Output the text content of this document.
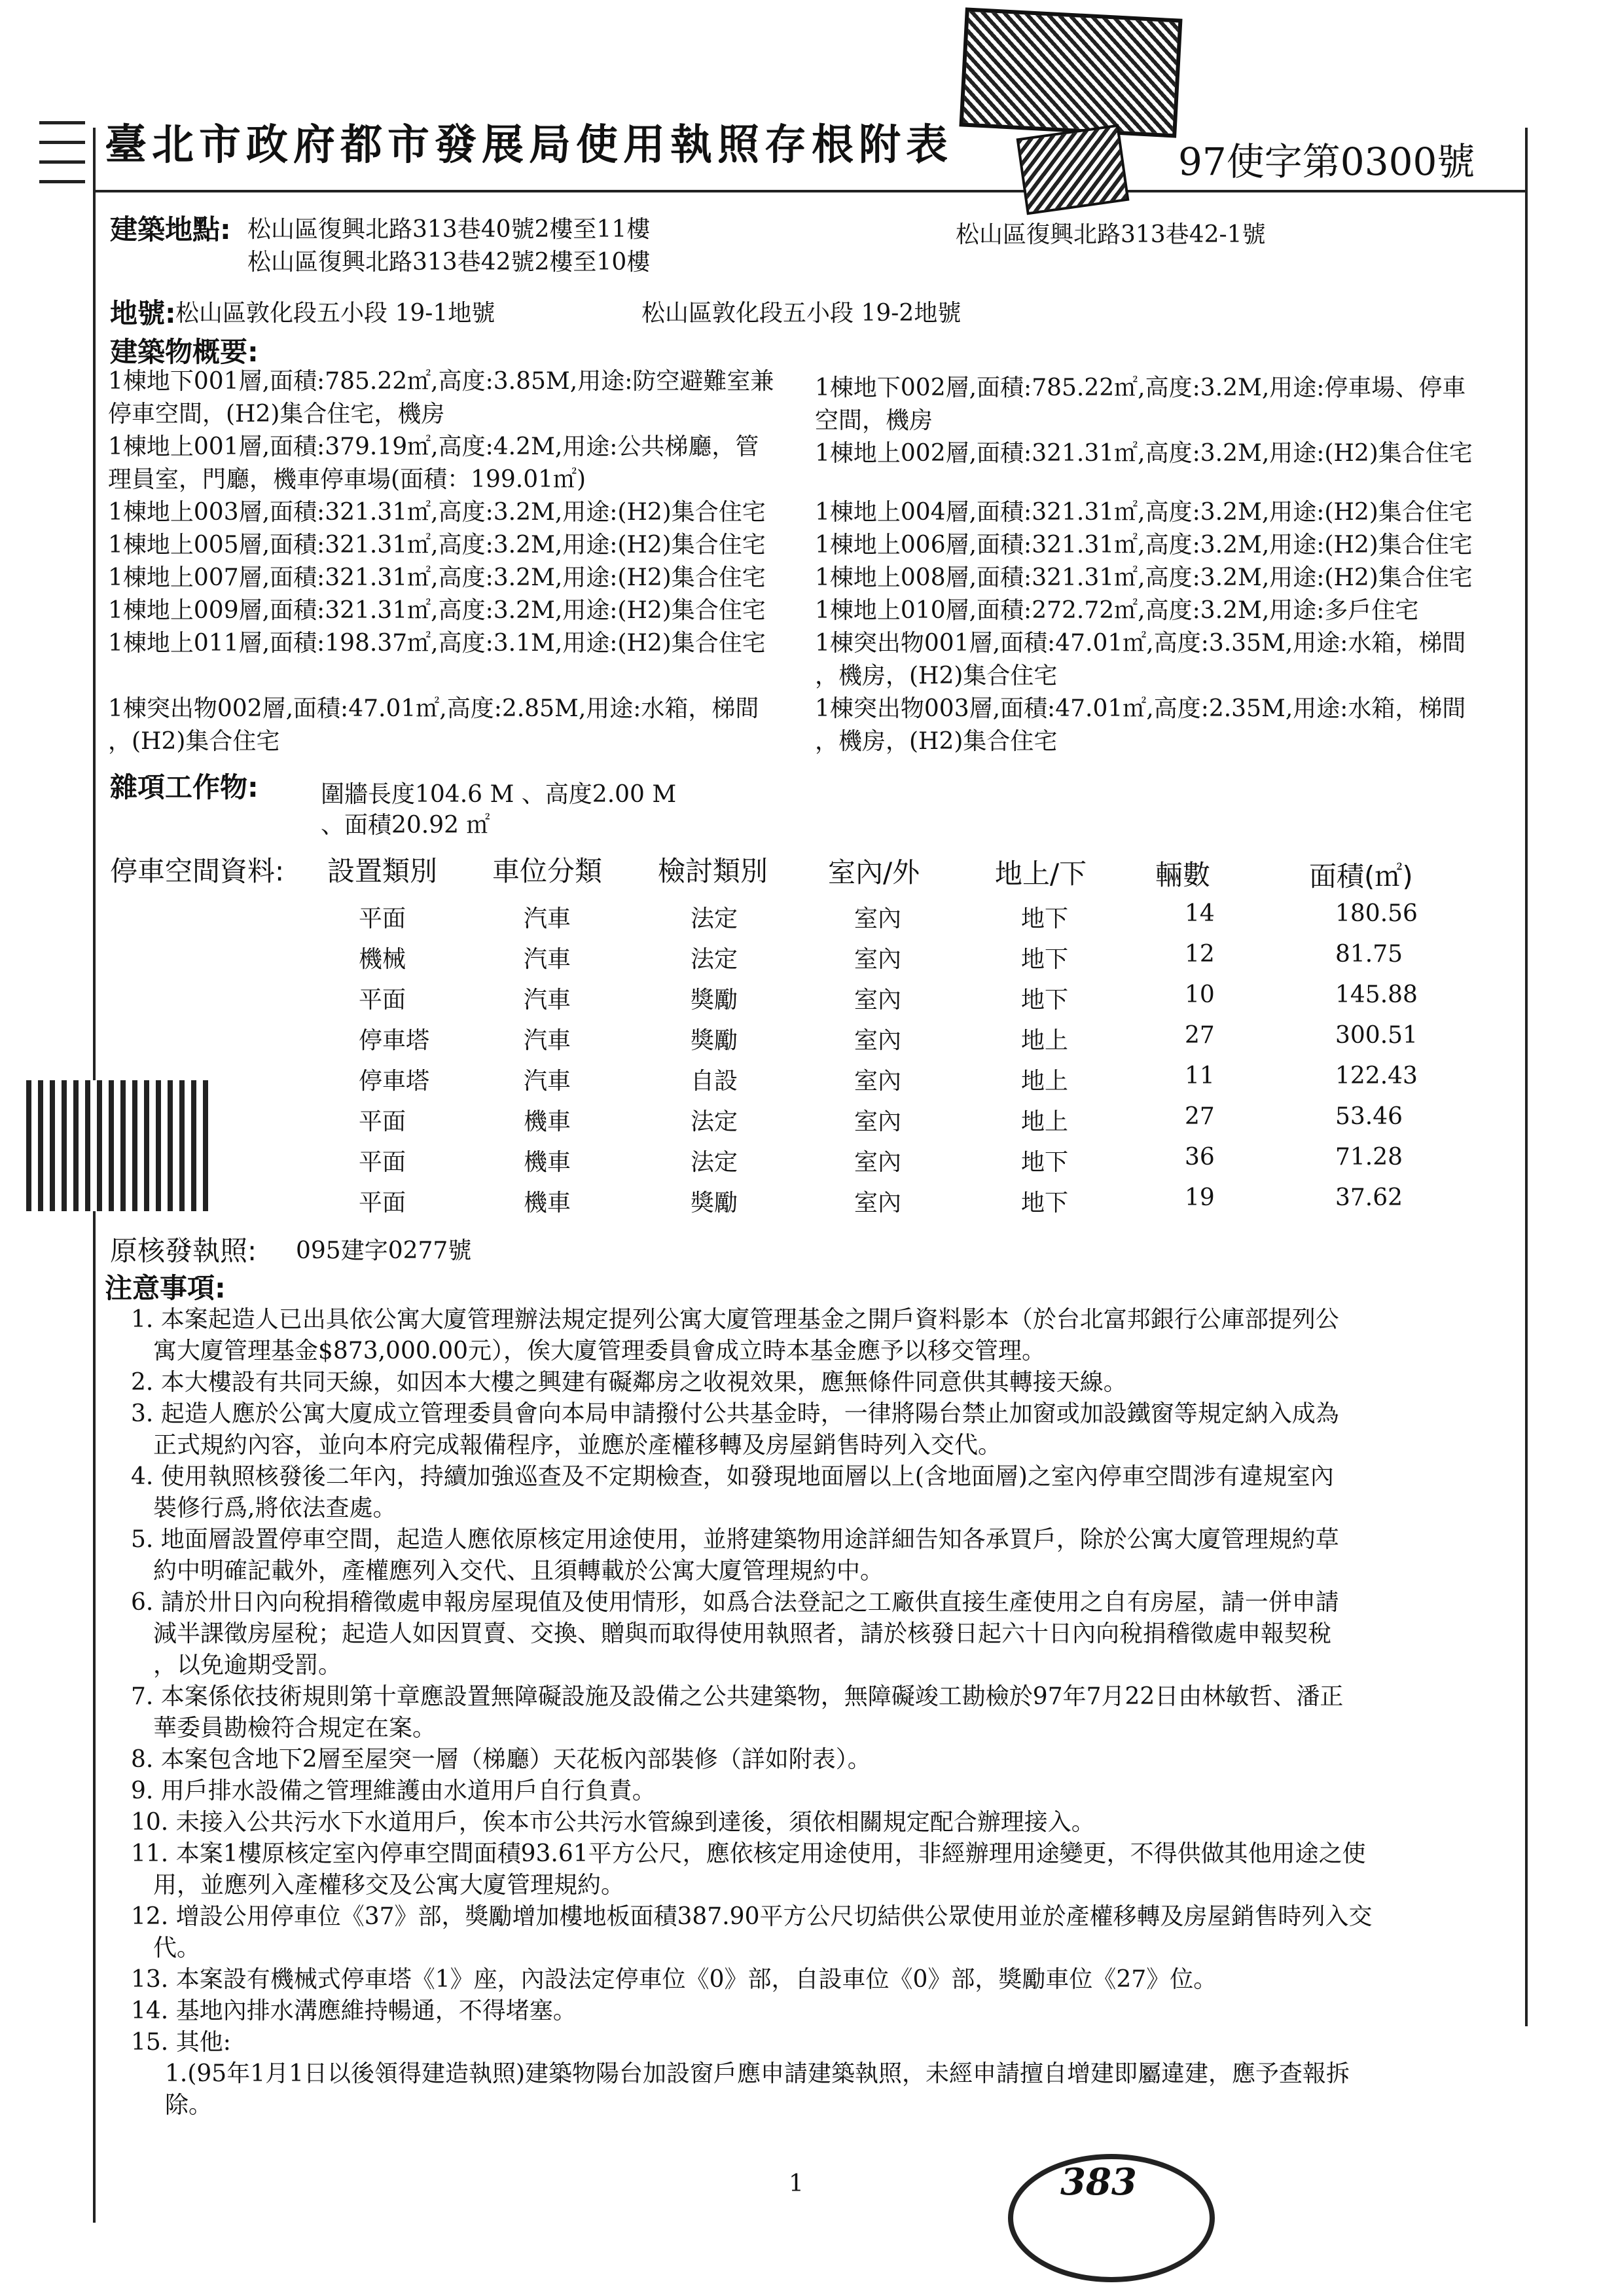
臺北市政府都市發展局使用執照存根附表	97使字第0300號
建築地點: 松山區復興北路313巷40號2樓至11樓	松山區復興北路313巷42-1號
松山區復興北路313巷42號2樓至10樓
地號: 松山區敦化段五小段 19-1地號	松山區敦化段五小段 19-2地號
建築物概要:
1棟地下001層,面積:785.22㎡,高度:3.85M,用途:防空避難室兼
停車空間，(H2)集合住宅，機房
1棟地上001層,面積:379.19㎡,高度:4.2M,用途:公共梯廳，管
理員室，門廳，機車停車場(面積：199.01㎡)
1棟地上003層,面積:321.31㎡,高度:3.2M,用途:(H2)集合住宅
1棟地上005層,面積:321.31㎡,高度:3.2M,用途:(H2)集合住宅
1棟地上007層,面積:321.31㎡,高度:3.2M,用途:(H2)集合住宅
1棟地上009層,面積:321.31㎡,高度:3.2M,用途:(H2)集合住宅
1棟地上011層,面積:198.37㎡,高度:3.1M,用途:(H2)集合住宅
1棟突出物002層,面積:47.01㎡,高度:2.85M,用途:水箱，梯間
，(H2)集合住宅
1棟地下002層,面積:785.22㎡,高度:3.2M,用途:停車場、停車
空間，機房
1棟地上002層,面積:321.31㎡,高度:3.2M,用途:(H2)集合住宅
1棟地上004層,面積:321.31㎡,高度:3.2M,用途:(H2)集合住宅
1棟地上006層,面積:321.31㎡,高度:3.2M,用途:(H2)集合住宅
1棟地上008層,面積:321.31㎡,高度:3.2M,用途:(H2)集合住宅
1棟地上010層,面積:272.72㎡,高度:3.2M,用途:多戶住宅
1棟突出物001層,面積:47.01㎡,高度:3.35M,用途:水箱，梯間
，機房，(H2)集合住宅
1棟突出物003層,面積:47.01㎡,高度:2.35M,用途:水箱，梯間
，機房，(H2)集合住宅
雜項工作物:	圍牆長度104.6 M 、高度2.00 M
、面積20.92 ㎡
停車空間資料: 設置類別 車位分類 檢討類別 室內/外	地上/下 輛數	面積(㎡)
平面	汽車	法定	室內	地下	14	180.56
機械	汽車	法定	室內	地下	12	81.75
平面	汽車	獎勵	室內	地下	10	145.88
停車塔	汽車	獎勵	室內	地上	27	300.51
停車塔	汽車	自設	室內	地上	11	122.43
平面	機車	法定	室內	地上	27	53.46
平面	機車	法定	室內	地下	36	71.28
平面	機車	獎勵	室內	地下	19	37.62
原核發執照: 095建字0277號
注意事項:
1. 本案起造人已出具依公寓大廈管理辦法規定提列公寓大廈管理基金之開戶資料影本（於台北富邦銀行公庫部提列公
寓大廈管理基金$873,000.00元），俟大廈管理委員會成立時本基金應予以移交管理。
2. 本大樓設有共同天線，如因本大樓之興建有礙鄰房之收視效果，應無條件同意供其轉接天線。
3. 起造人應於公寓大廈成立管理委員會向本局申請撥付公共基金時，一律將陽台禁止加窗或加設鐵窗等規定納入成為
正式規約內容，並向本府完成報備程序，並應於產權移轉及房屋銷售時列入交代。
4. 使用執照核發後二年內，持續加強巡查及不定期檢查，如發現地面層以上(含地面層)之室內停車空間涉有違規室內
裝修行爲,將依法查處。
5. 地面層設置停車空間，起造人應依原核定用途使用，並將建築物用途詳細告知各承買戶，除於公寓大廈管理規約草
約中明確記載外，產權應列入交代、且須轉載於公寓大廈管理規約中。
6. 請於卅日內向稅捐稽徵處申報房屋現值及使用情形，如爲合法登記之工廠供直接生產使用之自有房屋，請一併申請
減半課徵房屋稅；起造人如因買賣、交換、贈與而取得使用執照者，請於核發日起六十日內向稅捐稽徵處申報契稅
，以免逾期受罰。
7. 本案係依技術規則第十章應設置無障礙設施及設備之公共建築物，無障礙竣工勘檢於97年7月22日由林敏哲、潘正
華委員勘檢符合規定在案。
8. 本案包含地下2層至屋突一層（梯廳）天花板內部裝修（詳如附表）。
9. 用戶排水設備之管理維護由水道用戶自行負責。
10. 未接入公共污水下水道用戶，俟本市公共污水管線到達後，須依相關規定配合辦理接入。
11. 本案1樓原核定室內停車空間面積93.61平方公尺，應依核定用途使用，非經辦理用途變更，不得供做其他用途之使
用，並應列入產權移交及公寓大廈管理規約。
12. 增設公用停車位《37》部，獎勵增加樓地板面積387.90平方公尺切結供公眾使用並於產權移轉及房屋銷售時列入交
代。
13. 本案設有機械式停車塔《1》座，內設法定停車位《0》部，自設車位《0》部，獎勵車位《27》位。
14. 基地內排水溝應維持暢通，不得堵塞。
15. 其他:
1.(95年1月1日以後領得建造執照)建築物陽台加設窗戶應申請建築執照，未經申請擅自增建即屬違建，應予查報拆
除。
1	383
